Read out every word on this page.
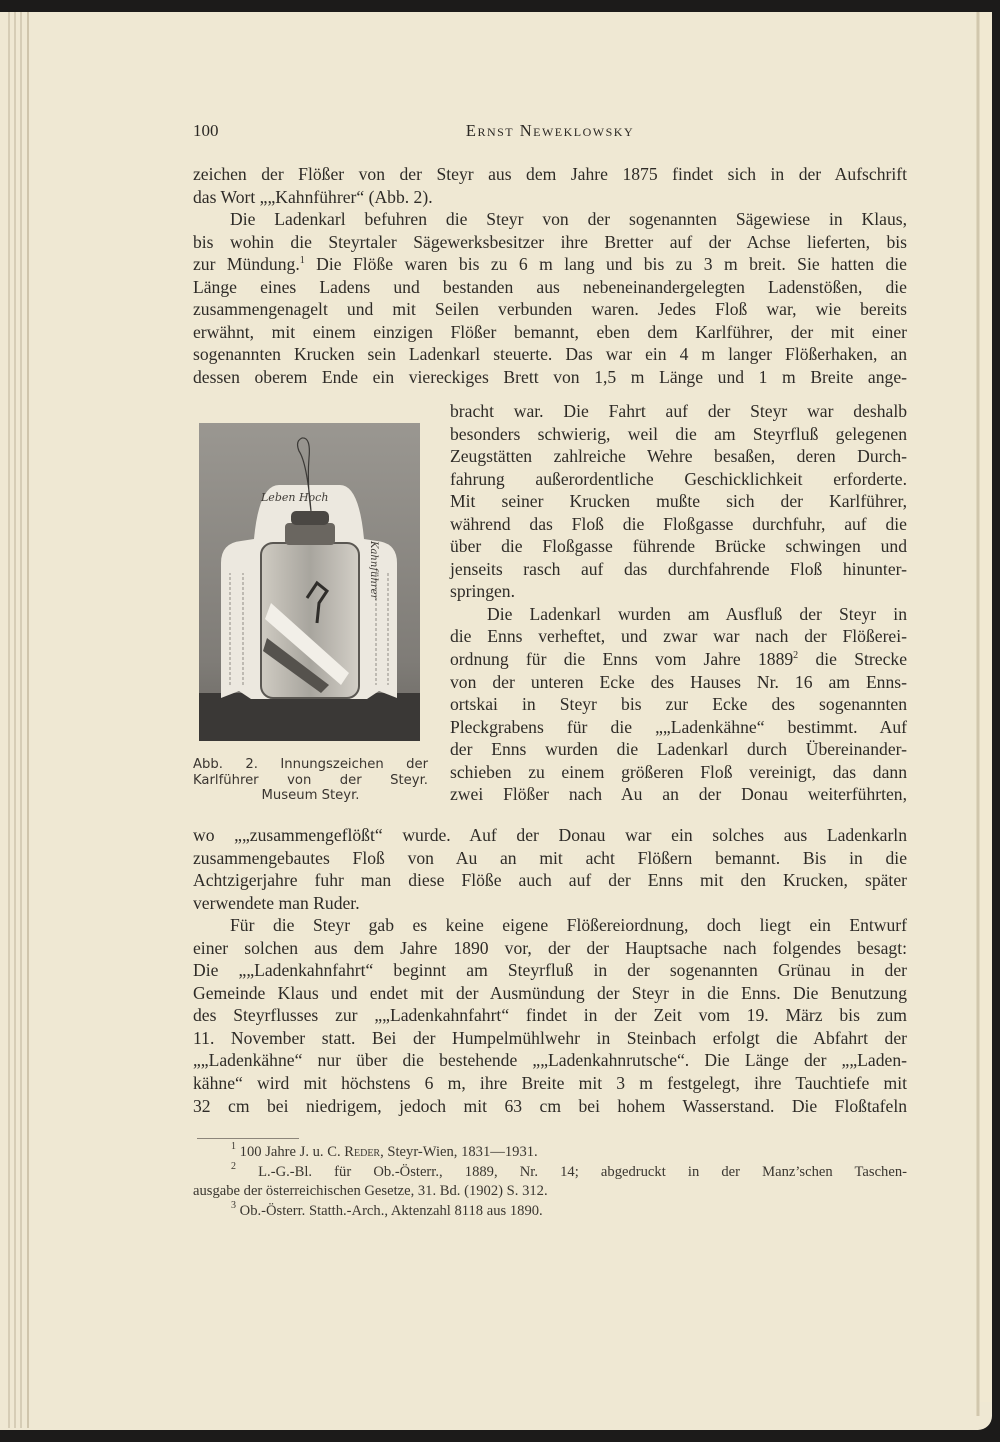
100	Ernst Neweklowsky
zeichen der Flößer von der Steyr aus dem Jahre 1875 findet sich in der Aufschrift
das Wort „„Kahnführer“ (Abb. 2).
Die Ladenkarl befuhren die Steyr von der sogenannten Sägewiese in Klaus,
bis wohin die Steyrtaler Sägewerksbesitzer ihre Bretter auf der Achse lieferten, bis
zur Mündung.$^1$ Die Flöße waren bis zu 6 m lang und bis zu 3 m breit. Sie hatten die
Länge eines Ladens und bestanden aus nebeneinandergelegten Ladenstößen, die
zusammengenagelt und mit Seilen verbunden waren. Jedes Floß war, wie bereits
erwähnt, mit einem einzigen Flößer bemannt, eben dem Karlführer, der mit einer
sogenannten Krucken sein Ladenkarl steuerte. Das war ein 4 m langer Flößerhaken, an
dessen oberem Ende ein viereckiges Brett von 1,5 m Länge und 1 m Breite ange-
bracht war. Die Fahrt auf der Steyr war deshalb
besonders schwierig, weil die am Steyrfluß gelegenen
Zeugstätten zahlreiche Wehre besaßen, deren Durch-
fahrung außerordentliche Geschicklichkeit erforderte.
Mit seiner Krucken mußte sich der Karlführer,
während das Floß die Floßgasse durchfuhr, auf die
über die Floßgasse führende Brücke schwingen und
jenseits rasch auf das durchfahrende Floß hinunter-
springen.
Die Ladenkarl wurden am Ausfluß der Steyr in
die Enns verheftet, und zwar war nach der Flößerei-
ordnung für die Enns vom Jahre 1889$^2$ die Strecke
von der unteren Ecke des Hauses Nr. 16 am Enns-
ortskai in Steyr bis zur Ecke des sogenannten
Pleckgrabens für die „„Ladenkähne“ bestimmt. Auf
der Enns wurden die Ladenkarl durch Übereinander-
schieben zu einem größeren Floß vereinigt, das dann
zwei Flößer nach Au an der Donau weiterführten,
wo „„zusammengeflößt“ wurde. Auf der Donau war ein solches aus Ladenkarln
zusammengebautes Floß von Au an mit acht Flößern bemannt. Bis in die
Achtzigerjahre fuhr man diese Flöße auch auf der Enns mit den Krucken, später
verwendete man Ruder.
Für die Steyr gab es keine eigene Flößereiordnung, doch liegt ein Entwurf
einer solchen aus dem Jahre 1890 vor, der der Hauptsache nach folgendes besagt:
Die „„Ladenkahnfahrt“ beginnt am Steyrfluß in der sogenannten Grünau in der
Gemeinde Klaus und endet mit der Ausmündung der Steyr in die Enns. Die Benutzung
des Steyrflusses zur „„Ladenkahnfahrt“ findet in der Zeit vom 19. März bis zum
11. November statt. Bei der Humpelmühlwehr in Steinbach erfolgt die Abfahrt der
„„Ladenkähne“ nur über die bestehende „„Ladenkahnrutsche“. Die Länge der „„Laden-
kähne“ wird mit höchstens 6 m, ihre Breite mit 3 m festgelegt, ihre Tauchtiefe mit
32 cm bei niedrigem, jedoch mit 63 cm bei hohem Wasserstand. Die Floßtafeln
Leben Hoch
Kahnführer
Abb. 2. Innungszeichen der
Karlführer von der Steyr.
Museum Steyr.
$^1$ 100 Jahre J. u. C. Reder, Steyr-Wien, 1831—1931.
$^2$ L.-G.-Bl. für Ob.-Österr., 1889, Nr. 14; abgedruckt in der Manz’schen Taschen-
ausgabe der österreichischen Gesetze, 31. Bd. (1902) S. 312.
$^3$ Ob.-Österr. Statth.-Arch., Aktenzahl 8118 aus 1890.
